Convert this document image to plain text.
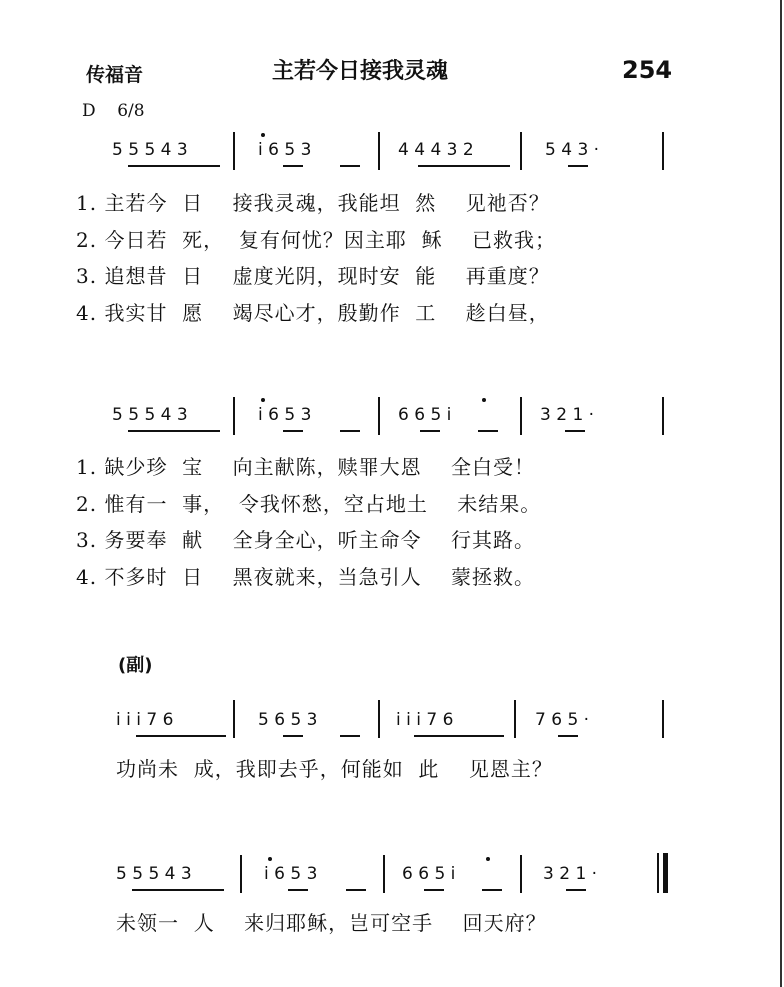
传福音	主若今日接我灵魂	254
D    6/8
5 5 5 4 3	i 6 5 3	4 4 4 3 2	5 4 3 ·
1. 主若今  日    接我灵魂，我能坦  然    见祂否？
2. 今日若  死，  复有何忧？因主耶  稣    已救我；
3. 追想昔  日    虚度光阴，现时安  能    再重度？
4. 我实甘  愿    竭尽心才，殷勤作  工    趁白昼，
5 5 5 4 3	i 6 5 3	6 6 5 i	3 2 1 ·
1. 缺少珍  宝    向主献陈，赎罪大恩    全白受！
2. 惟有一  事，  令我怀愁，空占地土    未结果。
3. 务要奉  献    全身全心，听主命令    行其路。
4. 不多时  日    黑夜就来，当急引人    蒙拯救。
(副)
i i i 7 6	5 6 5 3	i i i 7 6	7 6 5 ·
功尚未  成，我即去乎，何能如  此    见恩主？
5 5 5 4 3	i 6 5 3	6 6 5 i	3 2 1 ·
未领一  人    来归耶稣，岂可空手    回天府？
